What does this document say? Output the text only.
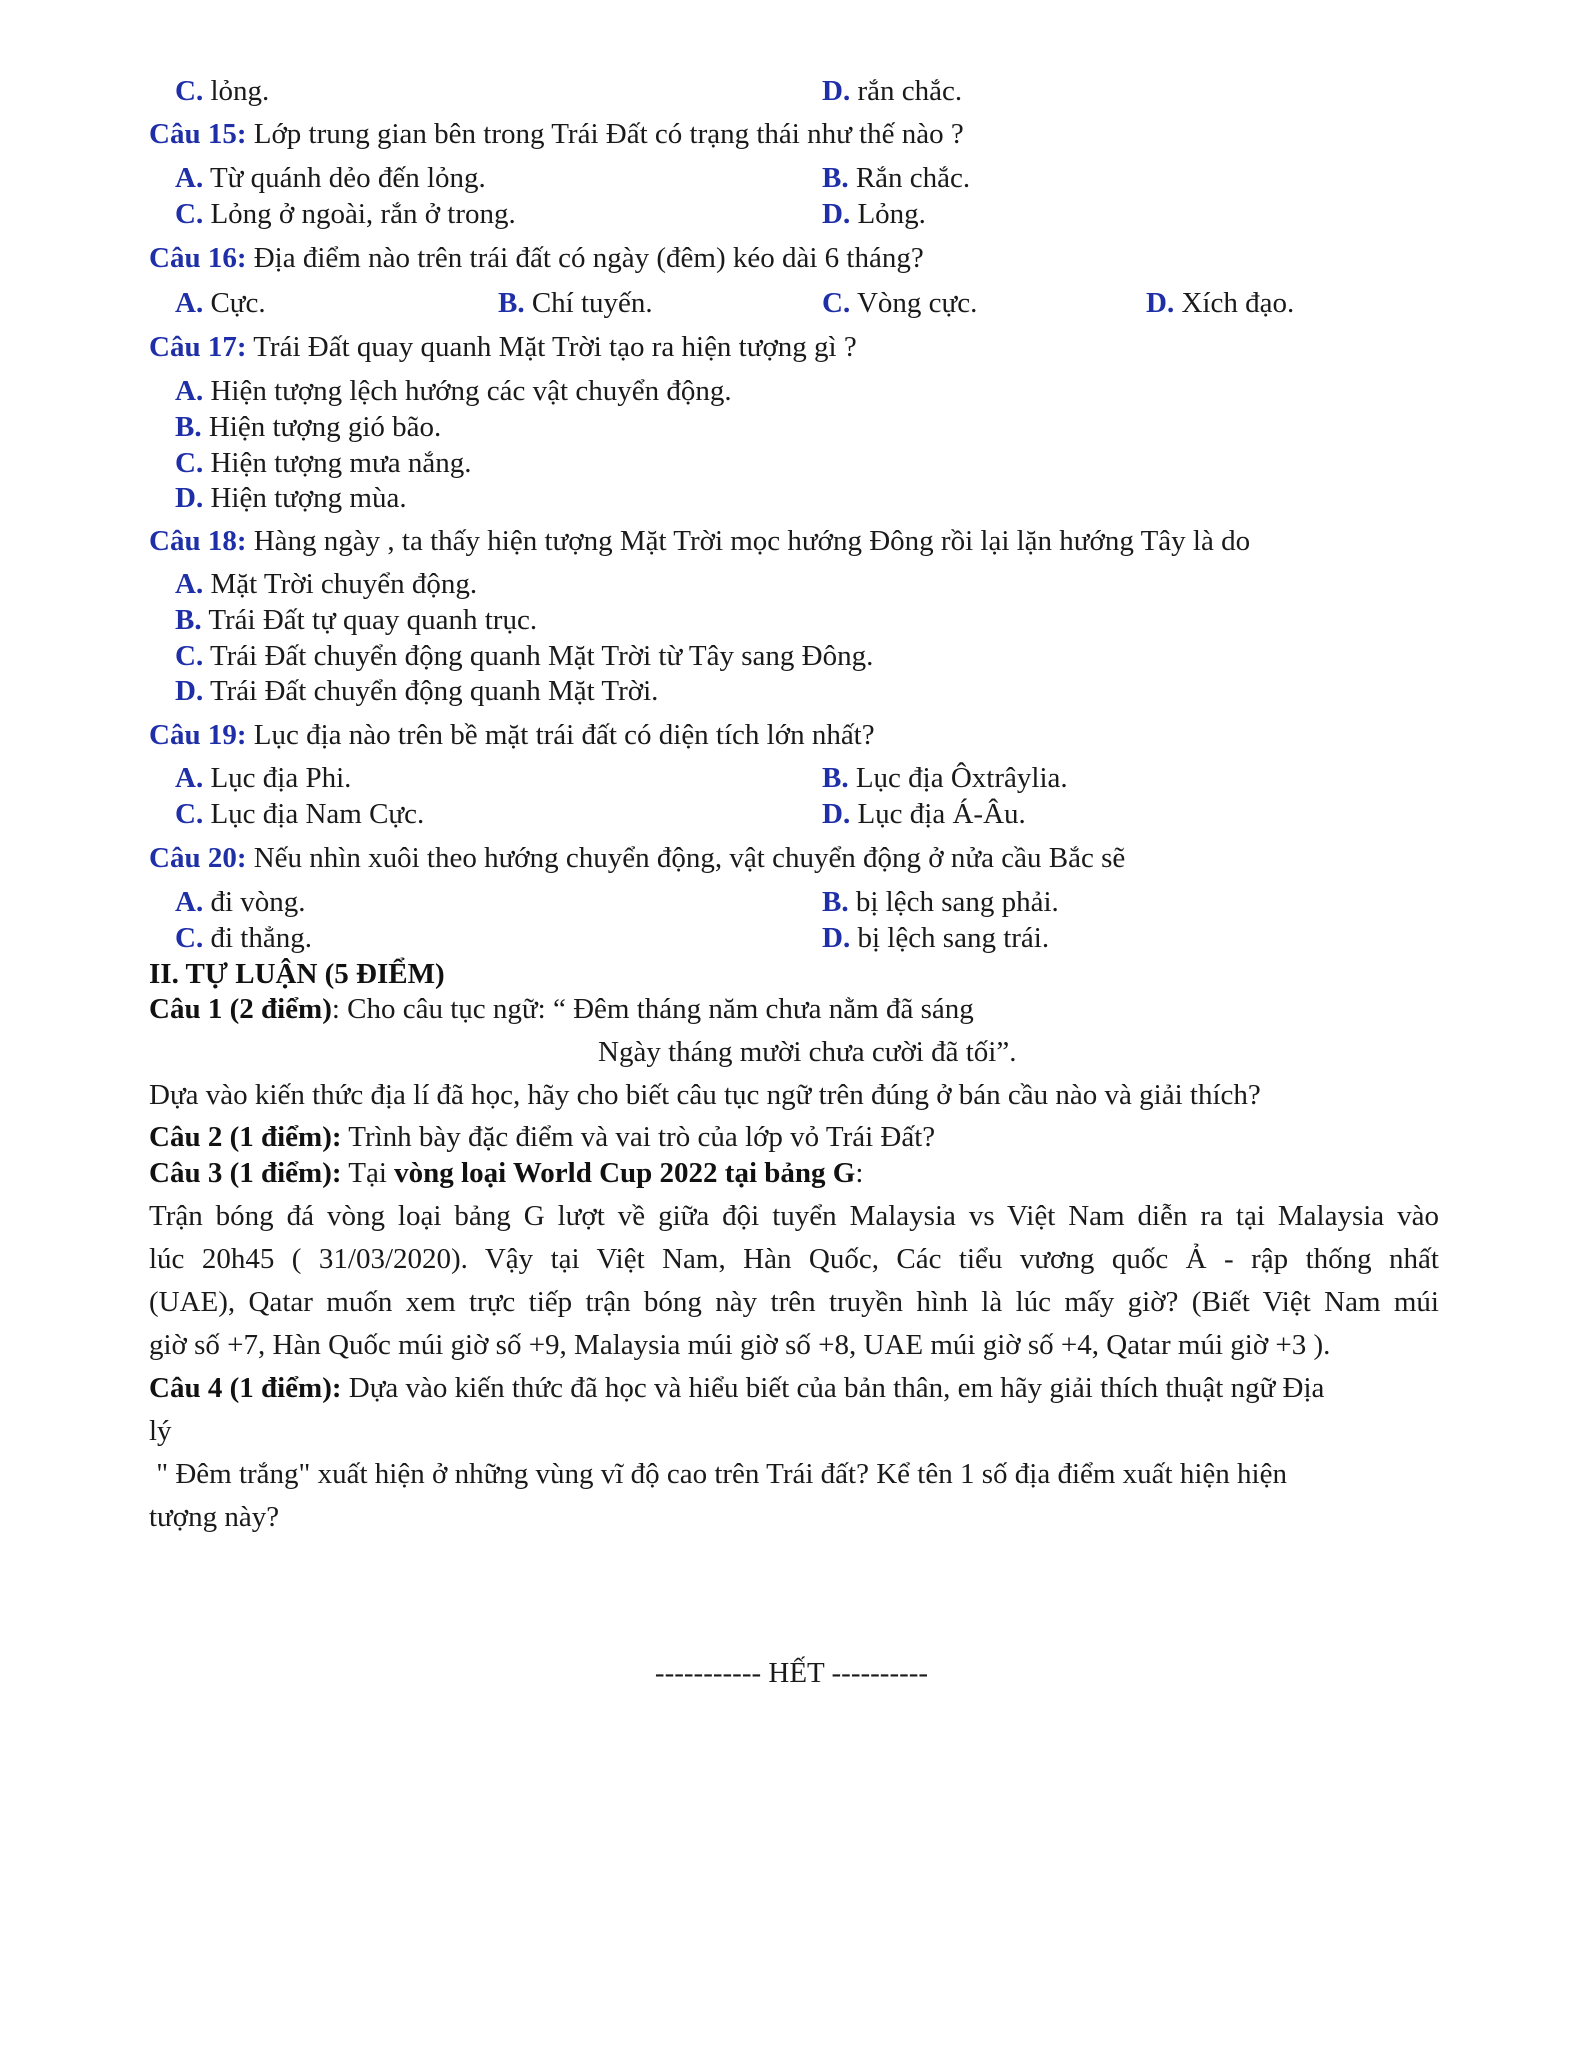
C. lỏng.	D. rắn chắc.
Câu 15: Lớp trung gian bên trong Trái Đất có trạng thái như thế nào ?
A. Từ quánh dẻo đến lỏng.	B. Rắn chắc.
C. Lỏng ở ngoài, rắn ở trong.	D. Lỏng.
Câu 16: Địa điểm nào trên trái đất có ngày (đêm) kéo dài 6 tháng?
A. Cực.	B. Chí tuyến.	C. Vòng cực.	D. Xích đạo.
Câu 17: Trái Đất quay quanh Mặt Trời tạo ra hiện tượng gì ?
A. Hiện tượng lệch hướng các vật chuyển động.
B. Hiện tượng gió bão.
C. Hiện tượng mưa nắng.
D. Hiện tượng mùa.
Câu 18: Hàng ngày , ta thấy hiện tượng Mặt Trời mọc hướng Đông rồi lại lặn hướng Tây là do
A. Mặt Trời chuyển động.
B. Trái Đất tự quay quanh trục.
C. Trái Đất chuyển động quanh Mặt Trời từ Tây sang Đông.
D. Trái Đất chuyển động quanh Mặt Trời.
Câu 19: Lục địa nào trên bề mặt trái đất có diện tích lớn nhất?
A. Lục địa Phi.	B. Lục địa Ôxtrâylia.
C. Lục địa Nam Cực.	D. Lục địa Á-Âu.
Câu 20: Nếu nhìn xuôi theo hướng chuyển động, vật chuyển động ở nửa cầu Bắc sẽ
A. đi vòng.	B. bị lệch sang phải.
C. đi thẳng.	D. bị lệch sang trái.
II. TỰ LUẬN (5 ĐIỂM)
Câu 1 (2 điểm): Cho câu tục ngữ: “ Đêm tháng năm chưa nằm đã sáng
Ngày tháng mười chưa cười đã tối”.
Dựa vào kiến thức địa lí đã học, hãy cho biết câu tục ngữ trên đúng ở bán cầu nào và giải thích?
Câu 2 (1 điểm): Trình bày đặc điểm và vai trò của lớp vỏ Trái Đất?
Câu 3 (1 điểm): Tại vòng loại World Cup 2022 tại bảng G:
Trận bóng đá vòng loại bảng G lượt về giữa đội tuyển Malaysia vs Việt Nam diễn ra tại Malaysia vào
lúc 20h45 ( 31/03/2020). Vậy tại Việt Nam, Hàn Quốc, Các tiểu vương quốc Ả - rập thống nhất
(UAE), Qatar muốn xem trực tiếp trận bóng này trên truyền hình là lúc mấy giờ? (Biết Việt Nam múi
giờ số +7, Hàn Quốc múi giờ số +9, Malaysia múi giờ số +8, UAE múi giờ số +4, Qatar múi giờ +3 ).
Câu 4 (1 điểm): Dựa vào kiến thức đã học và hiểu biết của bản thân, em hãy giải thích thuật ngữ Địa
lý
" Đêm trắng" xuất hiện ở những vùng vĩ độ cao trên Trái đất? Kể tên 1 số địa điểm xuất hiện hiện
tượng này?
----------- HẾT ----------
